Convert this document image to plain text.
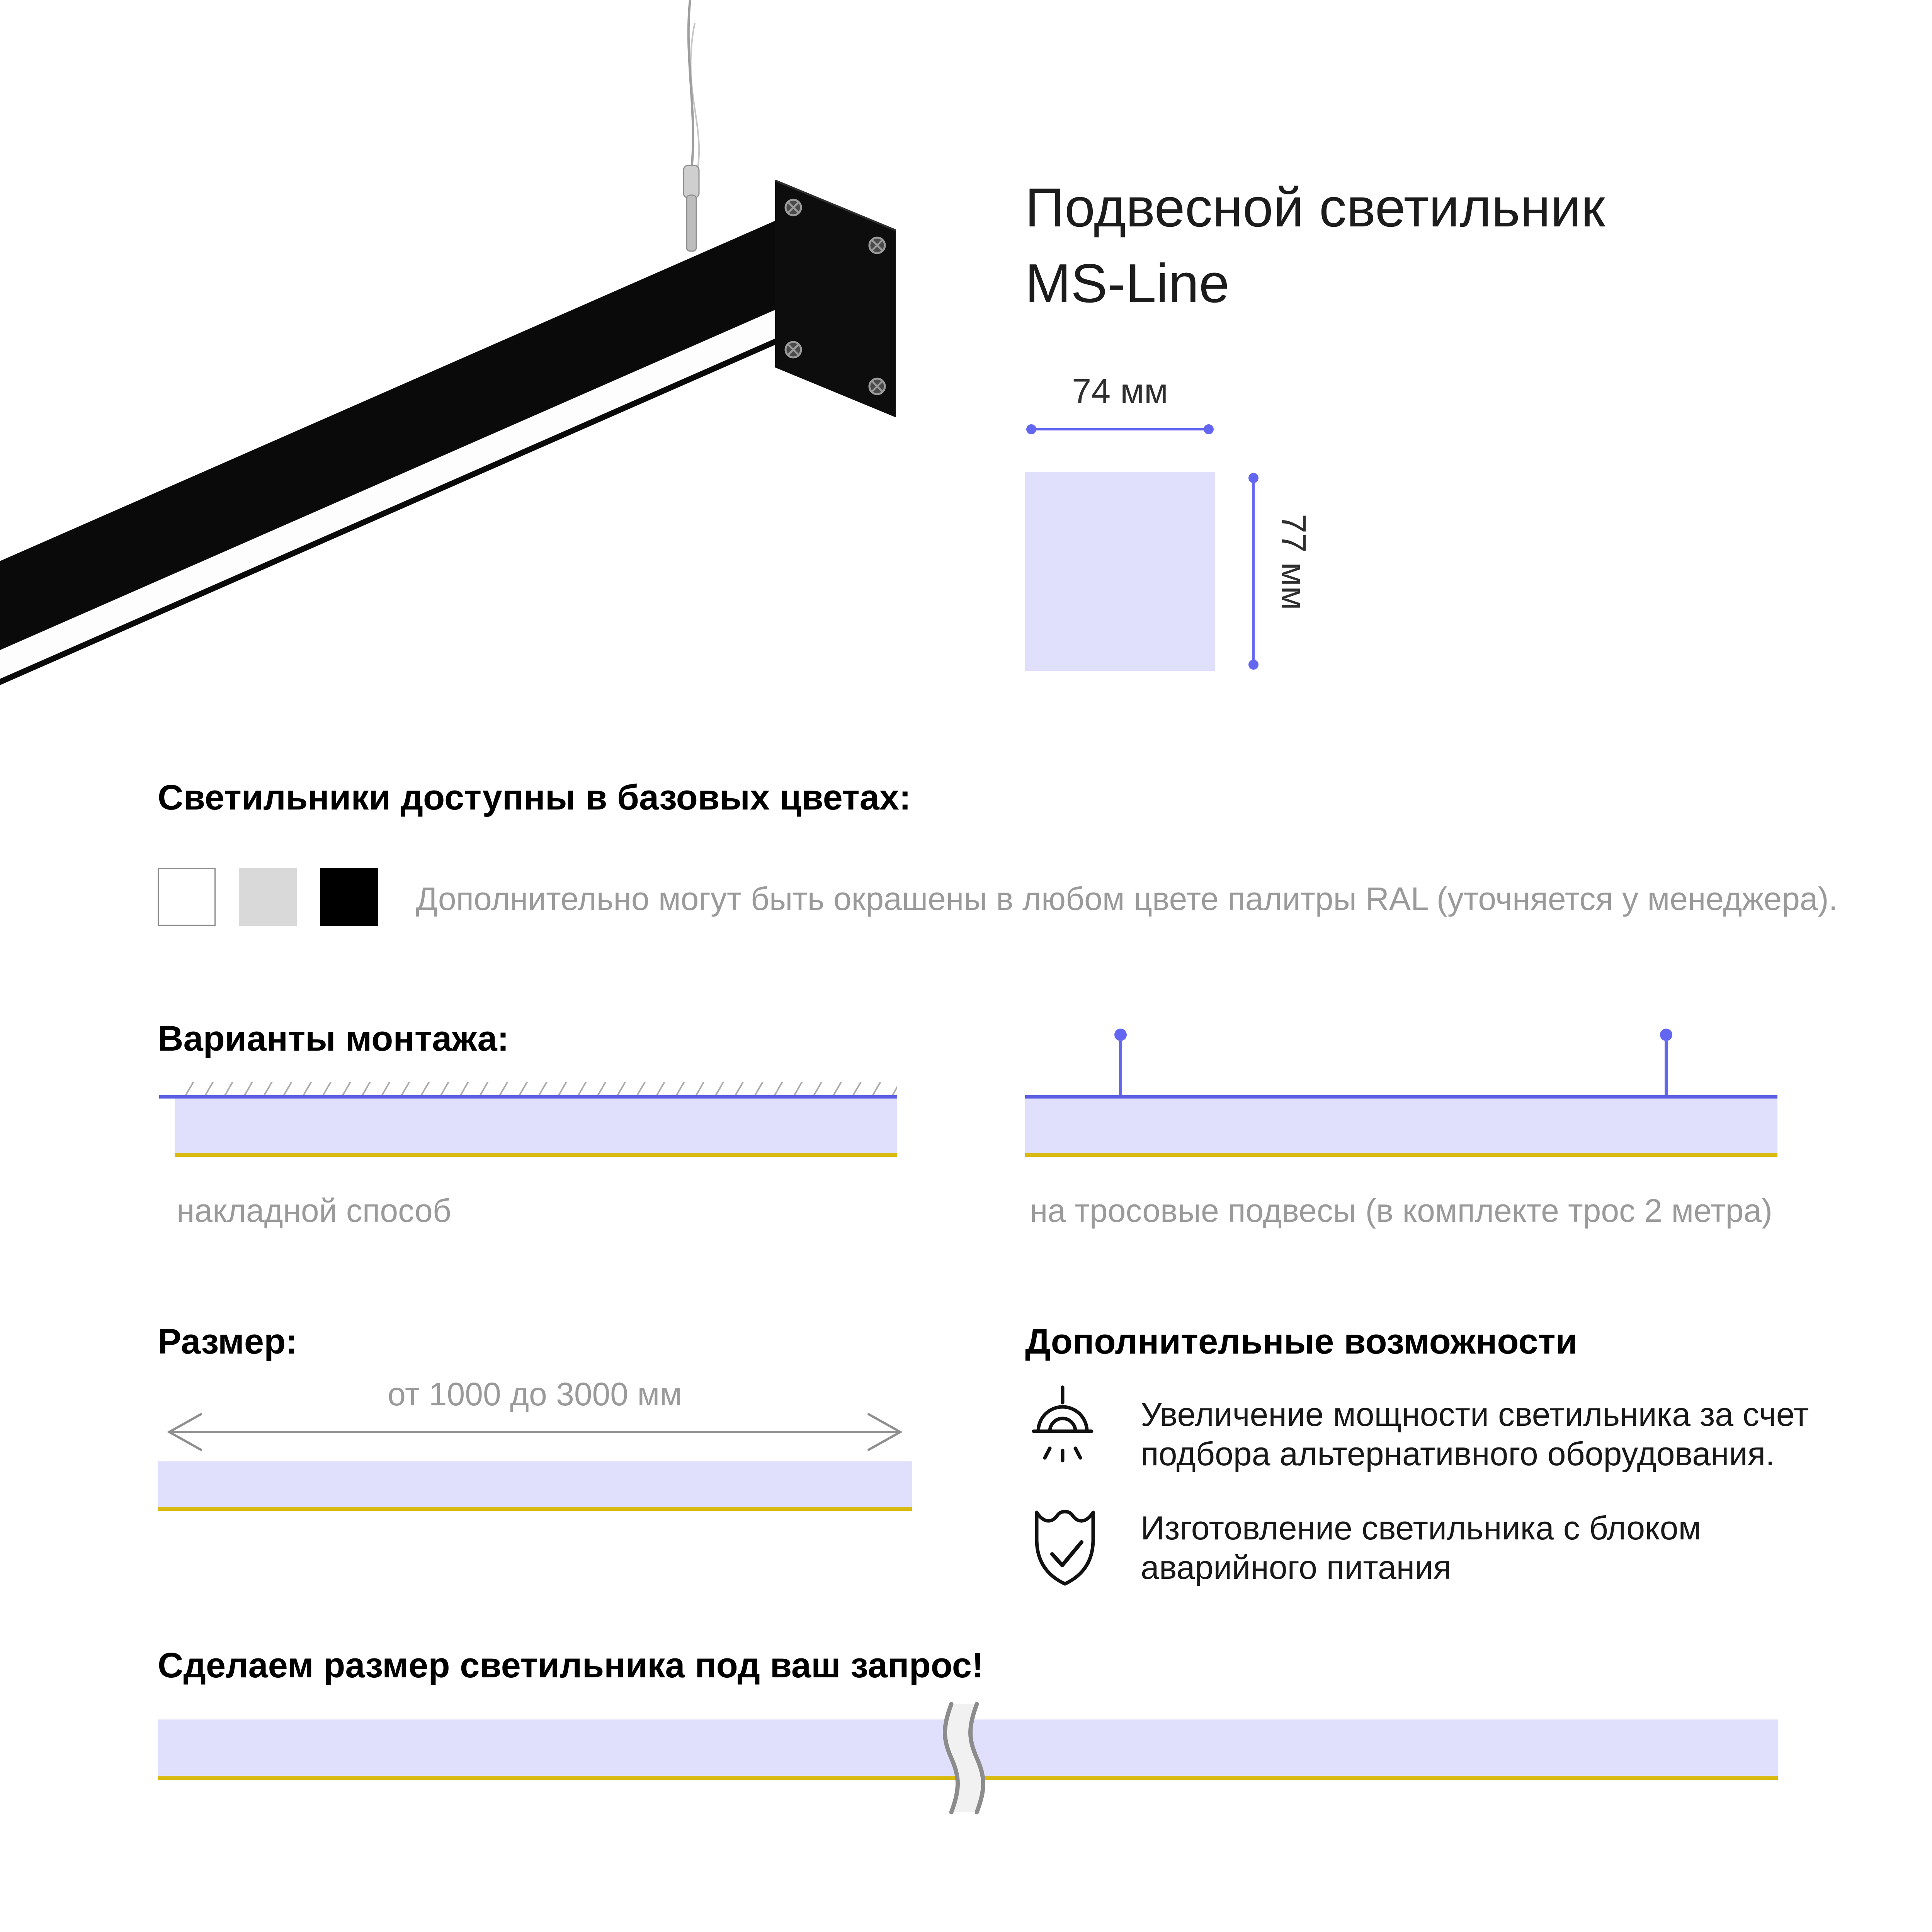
Подвесной светильник
MS-Line
74 мм
77 мм
Светильники доступны в базовых цветах:
Дополнительно могут быть окрашены в любом цвете палитры RAL (уточняется у менеджера).
Варианты монтажа:
накладной способ	на тросовые подвесы (в комплекте трос 2 метра)
Размер:
от 1000 до 3000 мм
Дополнительные возможности
Увеличение мощности светильника за счет
подбора альтернативного оборудования.
Изготовление светильника с блоком
аварийного питания
Сделаем размер светильника под ваш запрос!
